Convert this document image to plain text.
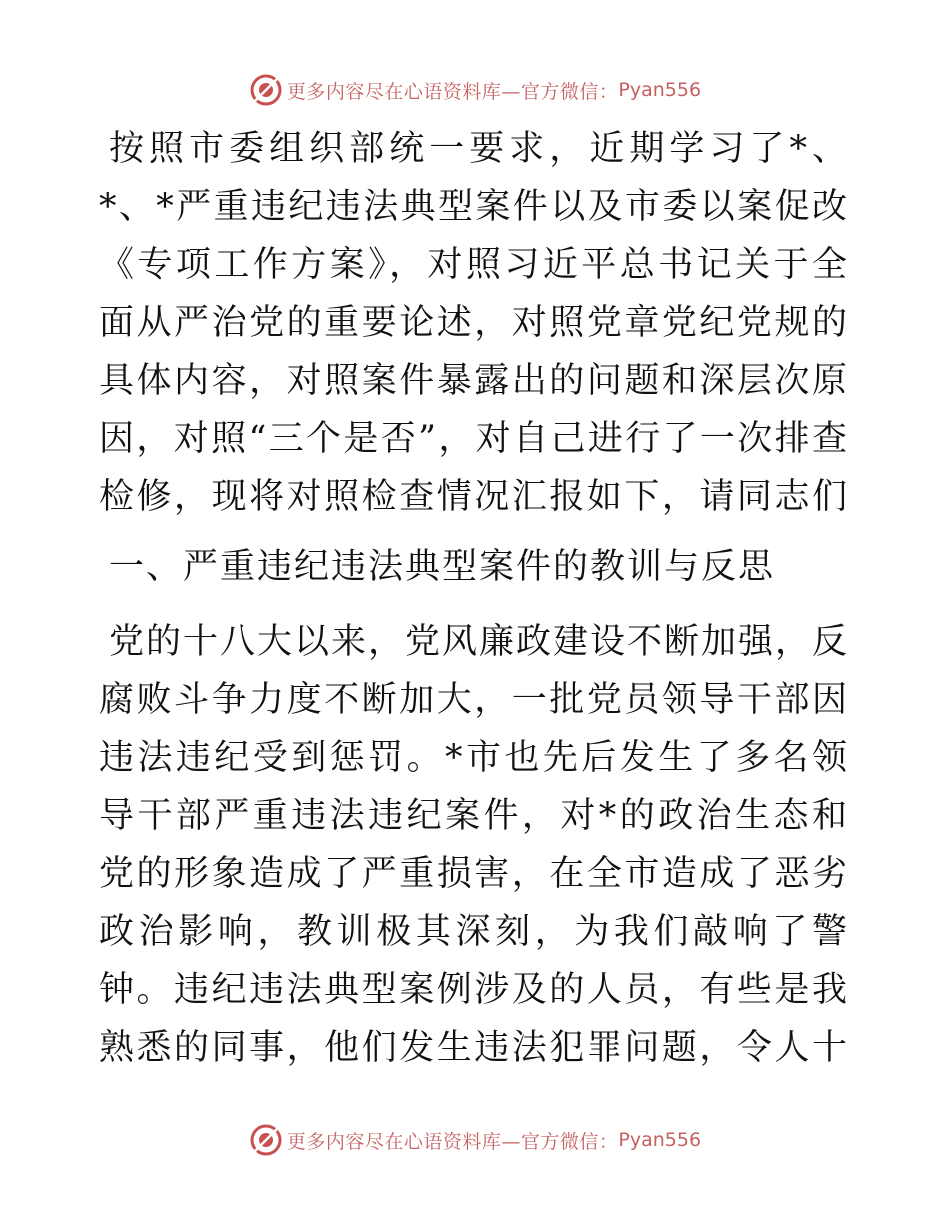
更多内容尽在心语资料库—官方微信： Pyan556

按照市委组织部统一要求，近期学习了*、*、*严重违纪违法典型案件以及市委以案促改《专项工作方案》，对照习近平总书记关于全面从严治党的重要论述，对照党章党纪党规的具体内容，对照案件暴露出的问题和深层次原因，对照“三个是否”，对自己进行了一次排查检修，现将对照检查情况汇报如下，请同志们

一、严重违纪违法典型案件的教训与反思

党的十八大以来，党风廉政建设不断加强，反腐败斗争力度不断加大，一批党员领导干部因违法违纪受到惩罚。*市也先后发生了多名领导干部严重违法违纪案件，对*的政治生态和党的形象造成了严重损害，在全市造成了恶劣政治影响，教训极其深刻，为我们敲响了警钟。违纪违法典型案例涉及的人员，有些是我熟悉的同事，他们发生违法犯罪问题，令人十

更多内容尽在心语资料库—官方微信： Pyan556
